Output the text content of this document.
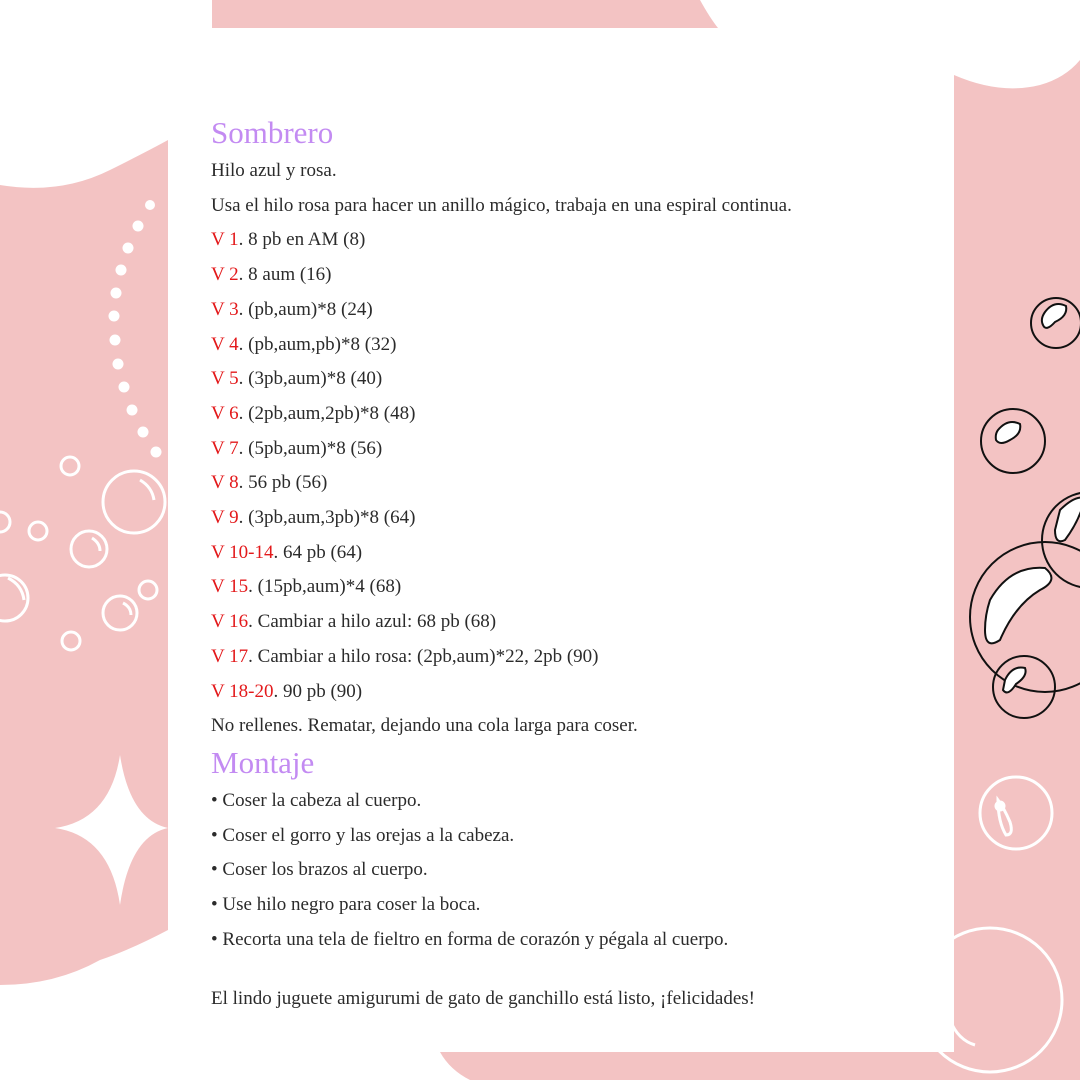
Sombrero
Hilo azul y rosa.
Usa el hilo rosa para hacer un anillo mágico, trabaja en una espiral continua.
V 1. 8 pb en AM (8)
V 2. 8 aum (16)
V 3. (pb,aum)*8 (24)
V 4. (pb,aum,pb)*8 (32)
V 5. (3pb,aum)*8 (40)
V 6. (2pb,aum,2pb)*8 (48)
V 7. (5pb,aum)*8 (56)
V 8. 56 pb (56)
V 9. (3pb,aum,3pb)*8 (64)
V 10-14. 64 pb (64)
V 15. (15pb,aum)*4 (68)
V 16. Cambiar a hilo azul: 68 pb (68)
V 17. Cambiar a hilo rosa: (2pb,aum)*22, 2pb (90)
V 18-20. 90 pb (90)
No rellenes. Rematar, dejando una cola larga para coser.
Montaje
• Coser la cabeza al cuerpo.
• Coser el gorro y las orejas a la cabeza.
• Coser los brazos al cuerpo.
• Use hilo negro para coser la boca.
• Recorta una tela de fieltro en forma de corazón y pégala al cuerpo.
El lindo juguete amigurumi de gato de ganchillo está listo, ¡felicidades!
